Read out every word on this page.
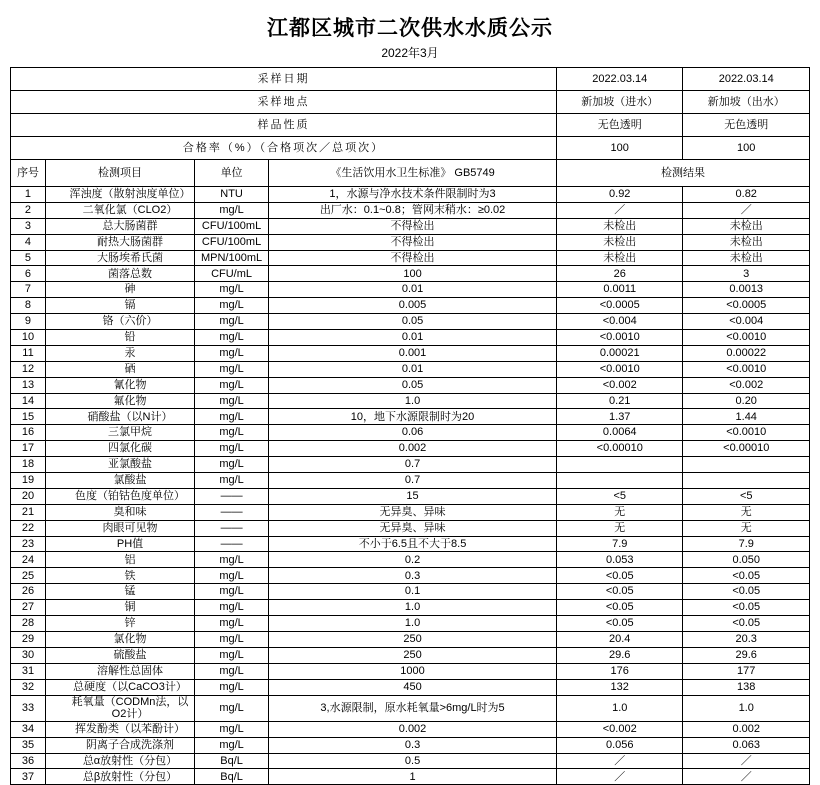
江都区城市二次供水水质公示
2022年3月
采样日期				2022.03.14	2022.03.14
采样地点				新加坡（进水）	新加坡（出水）
样品性质				无色透明	无色透明
合格率（%）（合格项次／总项次）				100	100
序号	检测项目	单位	《生活饮用水卫生标准》 GB5749	检测结果	
1	浑浊度（散射浊度单位）	NTU	1，水源与净水技术条件限制时为3	0.92	0.82
2	二氧化氯（CLO2）	mg/L	出厂水：0.1~0.8；管网末稍水：≥0.02	／	／
3	总大肠菌群	CFU/100mL	不得检出	未检出	未检出
4	耐热大肠菌群	CFU/100mL	不得检出	未检出	未检出
5	大肠埃希氏菌	MPN/100mL	不得检出	未检出	未检出
6	菌落总数	CFU/mL	100	26	3
7	砷	mg/L	0.01	0.0011	0.0013
8	镉	mg/L	0.005	<0.0005	<0.0005
9	铬（六价）	mg/L	0.05	<0.004	<0.004
10	铅	mg/L	0.01	<0.0010	<0.0010
11	汞	mg/L	0.001	0.00021	0.00022
12	硒	mg/L	0.01	<0.0010	<0.0010
13	氰化物	mg/L	0.05	<0.002	<0.002
14	氟化物	mg/L	1.0	0.21	0.20
15	硝酸盐（以N计）	mg/L	10，地下水源限制时为20	1.37	1.44
16	三氯甲烷	mg/L	0.06	0.0064	<0.0010
17	四氯化碳	mg/L	0.002	<0.00010	<0.00010
18	亚氯酸盐	mg/L	0.7		
19	氯酸盐	mg/L	0.7		
20	色度（铂钴色度单位）	——	15	<5	<5
21	臭和味	——	无异臭、异味	无	无
22	肉眼可见物	——	无异臭、异味	无	无
23	PH值	——	不小于6.5且不大于8.5	7.9	7.9
24	铝	mg/L	0.2	0.053	0.050
25	铁	mg/L	0.3	<0.05	<0.05
26	锰	mg/L	0.1	<0.05	<0.05
27	铜	mg/L	1.0	<0.05	<0.05
28	锌	mg/L	1.0	<0.05	<0.05
29	氯化物	mg/L	250	20.4	20.3
30	硫酸盐	mg/L	250	29.6	29.6
31	溶解性总固体	mg/L	1000	176	177
32	总硬度（以CaCO3计）	mg/L	450	132	138
33	耗氧量（CODMn法，以O2计）	mg/L	3,水源限制，原水耗氧量>6mg/L时为5	1.0	1.0
34	挥发酚类（以苯酚计）	mg/L	0.002	<0.002	0.002
35	阴离子合成洗涤剂	mg/L	0.3	0.056	0.063
36	总α放射性（分包）	Bq/L	0.5	／	／
37	总β放射性（分包）	Bq/L	1	／	／
